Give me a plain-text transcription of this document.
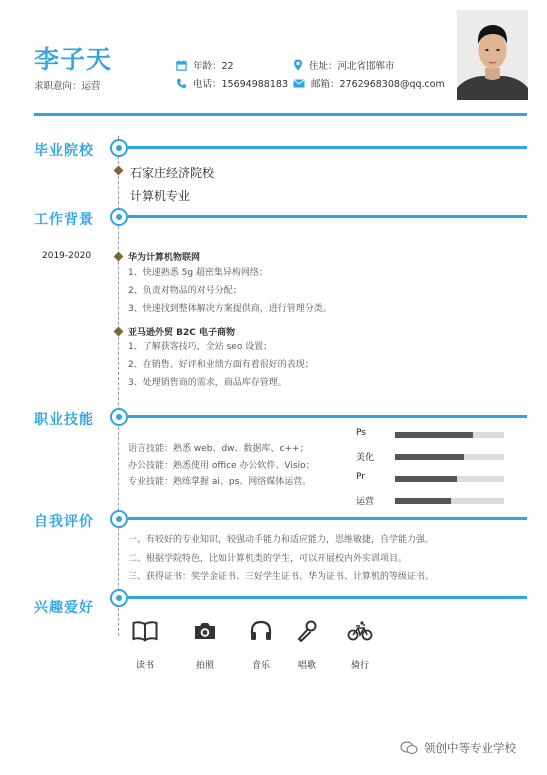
李子天
求职意向：运营
年龄：22
电话：15694988183
住址：河北省邯郸市
邮箱：2762968308@qq.com
毕业院校
石家庄经济院校
计算机专业
工作背景
2019-2020	华为计算机物联网
1、快速熟悉 5g 超密集异构网络；
2、负责对物品的对号分配；
3、快速找到整体解决方案提供商，进行管理分类。
亚马逊外贸 B2C 电子商物
1、了解获客技巧，全站 seo 设置；
2、在销售、好评和业绩方面有着很好的表现；
3、处理销售商的需求，商品库存管理。
职业技能
语言技能：熟悉 web、dw、数据库、c++；
办公技能：熟悉使用 office 办公软件、Visio；
专业技能：熟练掌握 ai、ps、网络媒体运营。
Ps
美化
Pr
运营
自我评价
一、有较好的专业知识，较强动手能力和适应能力，思维敏捷，自学能力强。
二、根据学院特色，比如计算机类的学生，可以开展校内外实训项目。
三、获得证书：奖学金证书、三好学生证书、华为证书、计算机的等级证书。
兴趣爱好
读书	拍照	音乐	唱歌	骑行
领创中等专业学校
